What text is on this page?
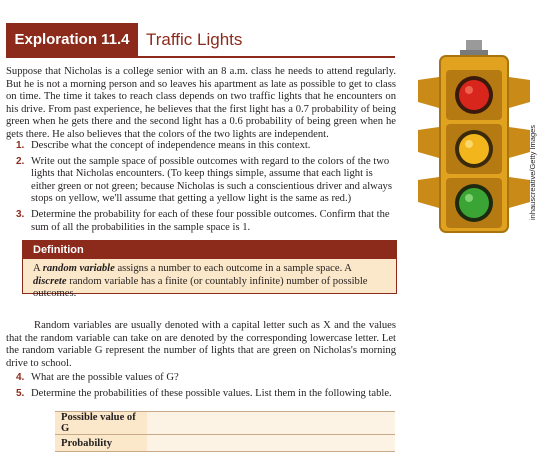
Exploration 11.4 Traffic Lights

Suppose that Nicholas is a college senior with an 8 a.m. class he needs to attend regularly. But he is not a morning person and so leaves his apartment as late as possible to get to class on time. The time it takes to reach class depends on two traffic lights that he encounters on his drive. From past experience, he believes that the first light has a 0.7 probability of being green when he gets there and the second light has a 0.6 probability of being green when he gets there. He also believes that the colors of the two lights are independent.

1. Describe what the concept of independence means in this context.
2. Write out the sample space of possible outcomes with regard to the colors of the two lights that Nicholas encounters. (To keep things simple, assume that each light is either green or not green; because Nicholas is such a conscientious driver and always stops on yellow, we'll assume that getting a yellow light is the same as red.)
3. Determine the probability for each of these four possible outcomes. Confirm that the sum of all the probabilities in the sample space is 1.
Definition
A random variable assigns a number to each outcome in a sample space. A discrete random variable has a finite (or countably infinite) number of possible outcomes.

Random variables are usually denoted with a capital letter such as X and the values that the random variable can take on are denoted by the corresponding lowercase letter. Let the random variable G represent the number of lights that are green on Nicholas's morning drive to school.

4. What are the possible values of G?
5. Determine the probabilities of these possible values. List them in the following table.
Possible value of G	
Probability	
inhauscreative/Getty Images
